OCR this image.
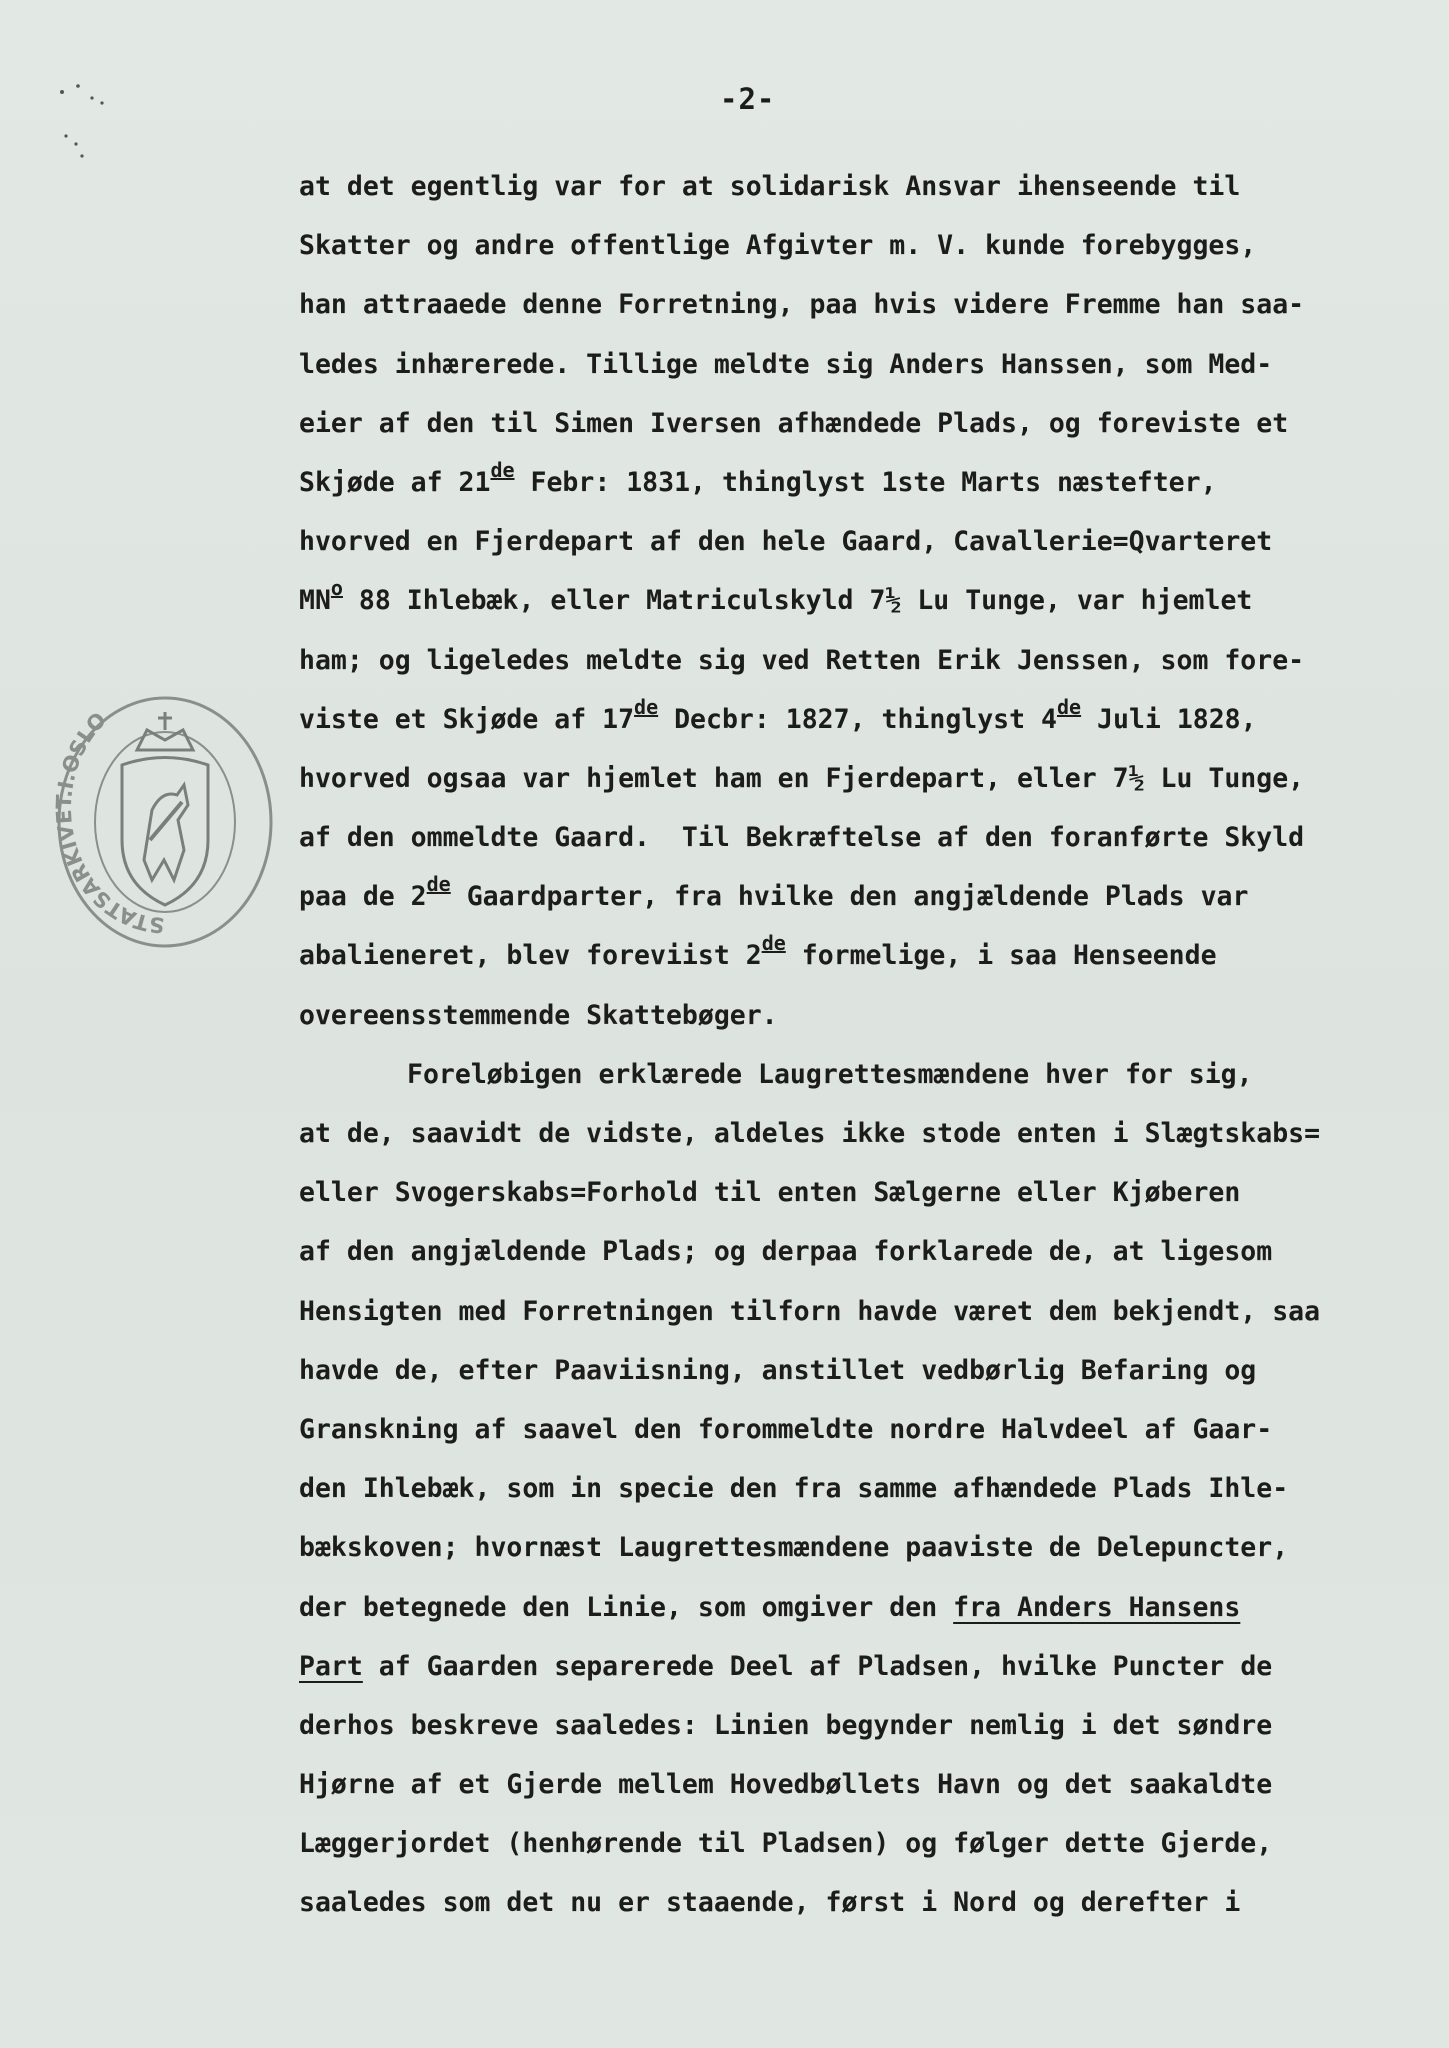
-2-
STATSARKIVET.I.OSLO
at det egentlig var for at solidarisk Ansvar ihenseende til
Skatter og andre offentlige Afgivter m. V. kunde forebygges,
han attraaede denne Forretning, paa hvis videre Fremme han saa-
ledes inhærerede. Tillige meldte sig Anders Hanssen, som Med-
eier af den til Simen Iversen afhændede Plads, og foreviste et
Skjøde af 21de Febr: 1831, thinglyst 1ste Marts næstefter,
hvorved en Fjerdepart af den hele Gaard, Cavallerie=Qvarteret
$MN^o$ 88 Ihlebæk, eller Matriculskyld 7½ Lu Tunge, var hjemlet
ham; og ligeledes meldte sig ved Retten Erik Jenssen, som fore-
viste et Skjøde af 17de Decbr: 1827, thinglyst 4de Juli 1828,
hvorved ogsaa var hjemlet ham en Fjerdepart, eller 7½ Lu Tunge,
af den ommeldte Gaard.  Til Bekræftelse af den foranførte Skyld
paa de 2de Gaardparter, fra hvilke den angjældende Plads var
abalieneret, blev foreviist 2de formelige, i saa Henseende
overeensstemmende Skattebøger.
Foreløbigen erklærede Laugrettesmændene hver for sig,
at de, saavidt de vidste, aldeles ikke stode enten i Slægtskabs=
eller Svogerskabs=Forhold til enten Sælgerne eller Kjøberen
af den angjældende Plads; og derpaa forklarede de, at ligesom
Hensigten med Forretningen tilforn havde været dem bekjendt, saa
havde de, efter Paaviisning, anstillet vedbørlig Befaring og
Granskning af saavel den forommeldte nordre Halvdeel af Gaar-
den Ihlebæk, som in specie den fra samme afhændede Plads Ihle-
bækskoven; hvornæst Laugrettesmændene paaviste de Delepuncter,
der betegnede den Linie, som omgiver den fra Anders Hansens
Part af Gaarden separerede Deel af Pladsen, hvilke Puncter de
derhos beskreve saaledes: Linien begynder nemlig i det søndre
Hjørne af et Gjerde mellem Hovedbøllets Havn og det saakaldte
Læggerjordet (henhørende til Pladsen) og følger dette Gjerde,
saaledes som det nu er staaende, først i Nord og derefter i
